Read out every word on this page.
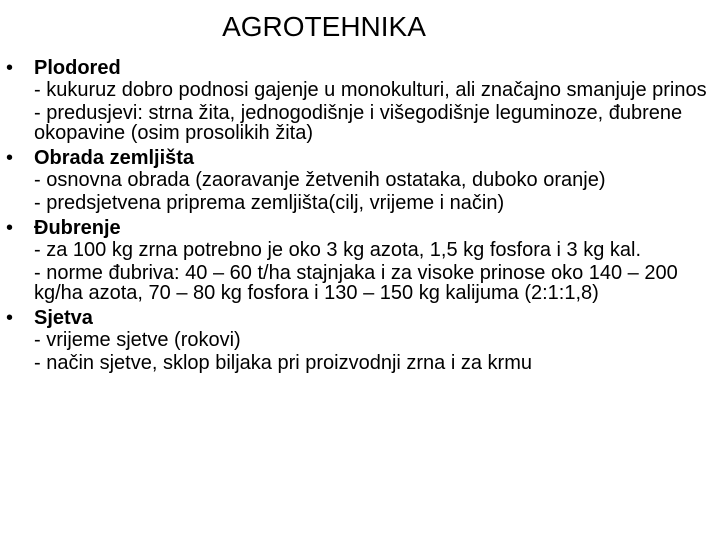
AGROTEHNIKA
• Plodored
- kukuruz dobro podnosi gajenje u monokulturi, ali značajno smanjuje prinos
- predusjevi: strna žita, jednogodišnje i višegodišnje leguminoze, đubrene okopavine (osim prosolikih žita)
• Obrada zemljišta
- osnovna obrada (zaoravanje žetvenih ostataka, duboko oranje)
- predsjetvena priprema zemljišta(cilj, vrijeme i način)
• Đubrenje
- za 100 kg zrna potrebno je oko 3 kg azota, 1,5 kg fosfora i 3 kg kal.
- norme đubriva: 40 – 60 t/ha stajnjaka i za visoke prinose oko 140 – 200 kg/ha azota, 70 – 80 kg fosfora i 130 – 150 kg kalijuma (2:1:1,8)
• Sjetva
- vrijeme sjetve (rokovi)
- način sjetve, sklop biljaka pri proizvodnji zrna i za krmu
